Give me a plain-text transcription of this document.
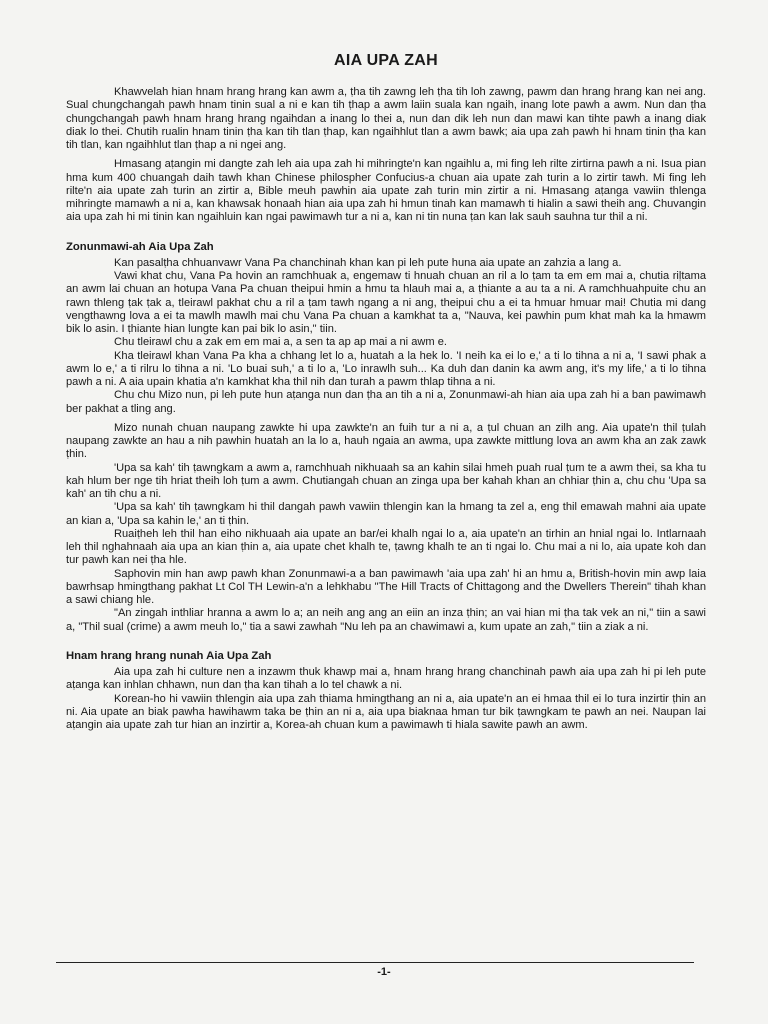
AIA UPA ZAH

Khawvelah hian hnam hrang hrang kan awm a, ṭha tih zawng leh ṭha tih loh zawng, pawm dan hrang hrang kan nei ang. Sual chungchangah pawh hnam tinin sual a ni e kan tih ṭhap a awm laiin suala kan ngaih, inang lote pawh a awm. Nun dan ṭha chungchangah pawh hnam hrang hrang ngaihdan a inang lo thei a, nun dan dik leh nun dan mawi kan tihte pawh a inang diak diak lo thei. Chutih rualin hnam tinin ṭha kan tih tlan ṭhap, kan ngaihhlut tlan a awm bawk; aia upa zah pawh hi hnam tinin ṭha kan tih tlan, kan ngaihhlut tlan ṭhap a ni ngei ang.

Hmasang aṭangin mi dangte zah leh aia upa zah hi mihringte'n kan ngaihlu a, mi fing leh rilte zirtirna pawh a ni. Isua pian hma kum 400 chuangah daih tawh khan Chinese philospher Confucius-a chuan aia upate zah turin a lo zirtir tawh. Mi fing leh rilte'n aia upate zah turin an zirtir a, Bible meuh pawhin aia upate zah turin min zirtir a ni. Hmasang aṭanga vawiin thlenga mihringte mamawh a ni a, kan khawsak honaah hian aia upa zah hi hmun tinah kan mamawh ti hialin a sawi theih ang. Chuvangin aia upa zah hi mi tinin kan ngaihluin kan ngai pawimawh tur a ni a, kan ni tin nuna ṭan kan lak sauh sauhna tur thil a ni.

Zonunmawi-ah Aia Upa Zah

Kan pasalṭha chhuanvawr Vana Pa chanchinah khan kan pi leh pute huna aia upate an zahzia a lang a.

Vawi khat chu, Vana Pa hovin an ramchhuak a, engemaw ti hnuah chuan an ril a lo ṭam ta em em mai a, chutia riḷtama an awm lai chuan an hotupa Vana Pa chuan theipui hmin a hmu ta hlauh mai a, a ṭhiante a au ta a ni. A ramchhuahpuite chu an rawn thleng ṭak ṭak a, tleirawl pakhat chu a ril a ṭam tawh ngang a ni ang, theipui chu a ei ta hmuar hmuar mai! Chutia mi dang vengthawng lova a ei ta mawlh mawlh mai chu Vana Pa chuan a kamkhat ta a, "Nauva, kei pawhin pum khat mah ka la hmawm bik lo asin. I ṭhiante hian lungte kan pai bik lo asin," tiin.

Chu tleirawl chu a zak em em mai a, a sen ta ap ap mai a ni awm e.

Kha tleirawl khan Vana Pa kha a chhang let lo a, huatah a la hek lo. 'I neih ka ei lo e,' a ti lo tihna a ni a, 'I sawi phak a awm lo e,' a ti rilru lo tihna a ni. 'Lo buai suh,' a ti lo a, 'Lo inrawlh suh... Ka duh dan danin ka awm ang, it's my life,' a ti lo tihna pawh a ni. A aia upain khatia a'n kamkhat kha thil nih dan turah a pawm thlap tihna a ni.

Chu chu Mizo nun, pi leh pute hun aṭanga nun dan ṭha an tih a ni a, Zonunmawi-ah hian aia upa zah hi a ban pawimawh ber pakhat a tling ang.

Mizo nunah chuan naupang zawkte hi upa zawkte'n an fuih tur a ni a, a ṭul chuan an zilh ang. Aia upate'n thil ṭulah naupang zawkte an hau a nih pawhin huatah an la lo a, hauh ngaia an awma, upa zawkte mittlung lova an awm kha an zak zawk ṭhin.

'Upa sa kah' tih ṭawngkam a awm a, ramchhuah nikhuaah sa an kahin silai hmeh puah rual ṭum te a awm thei, sa kha tu kah hlum ber nge tih hriat theih loh ṭum a awm. Chutiangah chuan an zinga upa ber kahah khan an chhiar ṭhin a, chu chu 'Upa sa kah' an tih chu a ni.

'Upa sa kah' tih ṭawngkam hi thil dangah pawh vawiin thlengin kan la hmang ta zel a, eng thil emawah mahni aia upate an kian a, 'Upa sa kahin le,' an ti ṭhin.

Ruaiṭheh leh thil han eiho nikhuaah aia upate an bar/ei khalh ngai lo a, aia upate'n an tirhin an hnial ngai lo. Intlarnaah leh thil nghahnaah aia upa an kian ṭhin a, aia upate chet khalh te, ṭawng khalh te an ti ngai lo. Chu mai a ni lo, aia upate koh dan tur pawh kan nei ṭha hle.

Saphovin min han awp pawh khan Zonunmawi-a a ban pawimawh 'aia upa zah' hi an hmu a, British-hovin min awp laia bawrhsap hmingthang pakhat Lt Col TH Lewin-a'n a lehkhabu "The Hill Tracts of Chittagong and the Dwellers Therein" tihah khan a sawi chiang hle.

"An zingah inthliar hranna a awm lo a; an neih ang ang an eiin an inza ṭhin; an vai hian mi ṭha tak vek an ni," tiin a sawi a, "Thil sual (crime) a awm meuh lo," tia a sawi zawhah "Nu leh pa an chawimawi a, kum upate an zah," tiin a ziak a ni.

Hnam hrang hrang nunah Aia Upa Zah

Aia upa zah hi culture nen a inzawm thuk khawp mai a, hnam hrang hrang chanchinah pawh aia upa zah hi pi leh pute aṭanga kan inhlan chhawn, nun dan ṭha kan tihah a lo tel chawk a ni.

Korean-ho hi vawiin thlengin aia upa zah thiama hmingthang an ni a, aia upate'n an ei hmaa thil ei lo tura inzirtir ṭhin an ni. Aia upate an biak pawha hawihawm taka be ṭhin an ni a, aia upa biaknaa hman tur bik ṭawngkam te pawh an nei. Naupan lai aṭangin aia upate zah tur hian an inzirtir a, Korea-ah chuan kum a pawimawh ti hiala sawite pawh an awm.

-1-
